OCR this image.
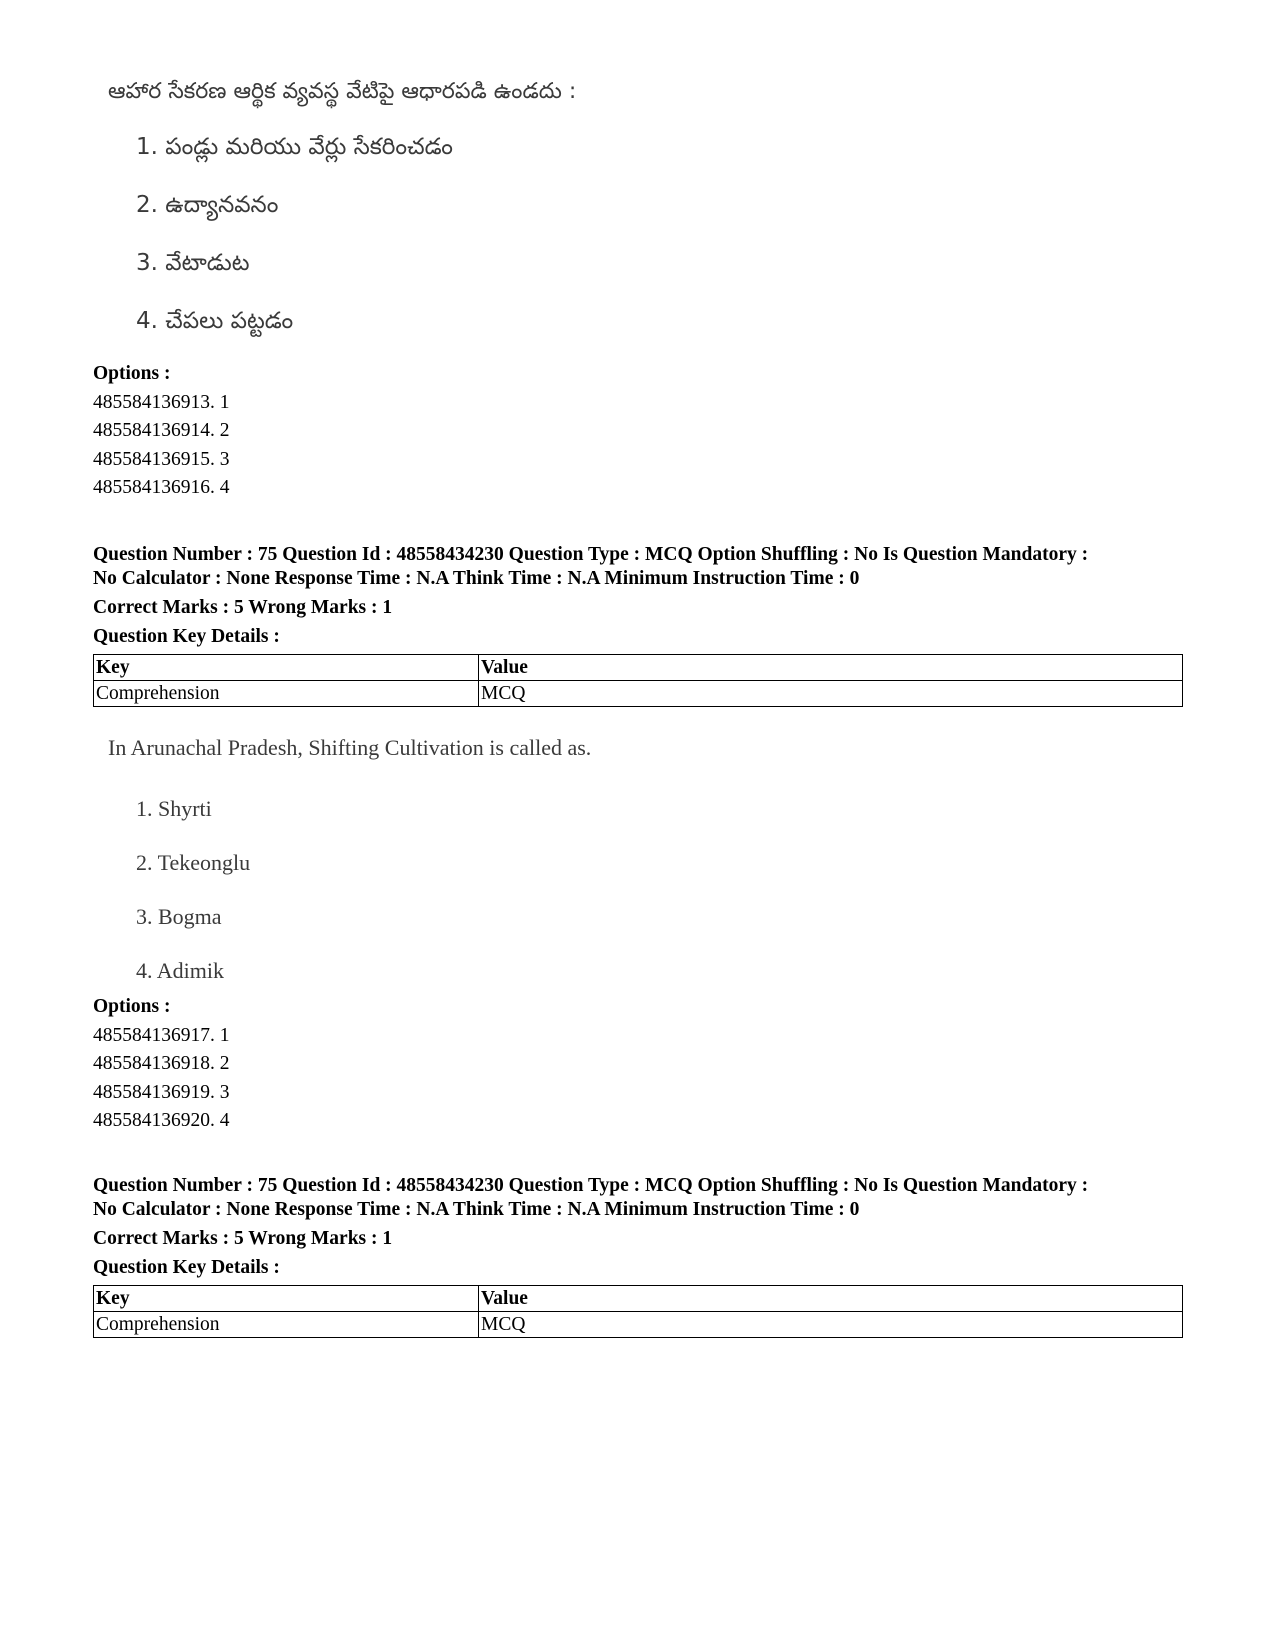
ఆహార సేకరణ ఆర్థిక వ్యవస్థ వేటిపై ఆధారపడి ఉండదు :
1. పండ్లు మరియు వేర్లు సేకరించడం
2. ఉద్యానవనం
3. వేటాడుట
4. చేపలు పట్టడం
Options :
485584136913. 1
485584136914. 2
485584136915. 3
485584136916. 4
Question Number : 75 Question Id : 48558434230 Question Type : MCQ Option Shuffling : No Is Question Mandatory :
No Calculator : None Response Time : N.A Think Time : N.A Minimum Instruction Time : 0
Correct Marks : 5 Wrong Marks : 1
Question Key Details :
Key	Value
Comprehension	MCQ
In Arunachal Pradesh, Shifting Cultivation is called as.
1. Shyrti
2. Tekeonglu
3. Bogma
4. Adimik
Options :
485584136917. 1
485584136918. 2
485584136919. 3
485584136920. 4
Question Number : 75 Question Id : 48558434230 Question Type : MCQ Option Shuffling : No Is Question Mandatory :
No Calculator : None Response Time : N.A Think Time : N.A Minimum Instruction Time : 0
Correct Marks : 5 Wrong Marks : 1
Question Key Details :
Key	Value
Comprehension	MCQ
